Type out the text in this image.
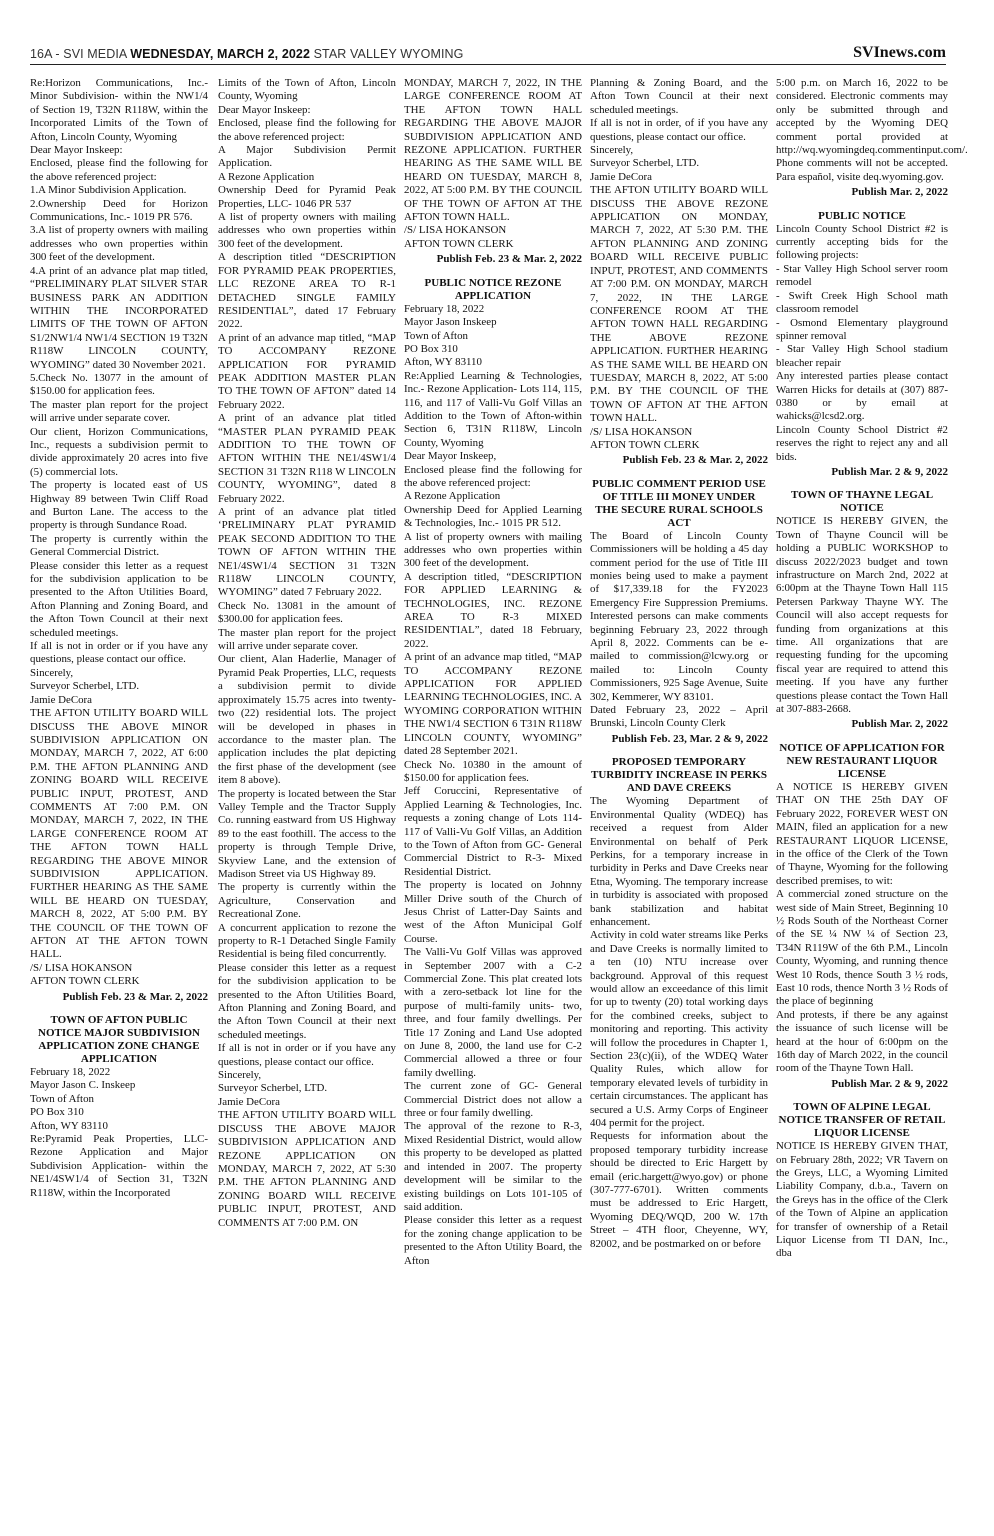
16A - SVI MEDIA WEDNESDAY, MARCH 2, 2022 STAR VALLEY WYOMING	SVInews.com

Re:Horizon Communications, Inc.- Minor Subdivision- within the NW1/4 of Section 19, T32N R118W, within the Incorporated Limits of the Town of Afton, Lincoln County, Wyoming

Dear Mayor Inskeep:

Enclosed, please find the following for the above referenced project:

1.A Minor Subdivision Application.

2.Ownership Deed for Horizon Communications, Inc.- 1019 PR 576.

3.A list of property owners with mailing addresses who own properties within 300 feet of the development.

4.A print of an advance plat map titled, “PRELIMINARY PLAT SILVER STAR BUSINESS PARK AN ADDITION WITHIN THE INCORPORATED LIMITS OF THE TOWN OF AFTON S1/2NW1/4 NW1/4 SECTION 19 T32N R118W LINCOLN COUNTY, WYOMING” dated 30 November 2021.

5.Check No. 13077 in the amount of $150.00 for application fees.

The master plan report for the project will arrive under separate cover.

Our client, Horizon Communications, Inc., requests a subdivision permit to divide approximately 20 acres into five (5) commercial lots.

The property is located east of US Highway 89 between Twin Cliff Road and Burton Lane. The access to the property is through Sundance Road.

The property is currently within the General Commercial District.

Please consider this letter as a request for the subdivision application to be presented to the Afton Utilities Board, Afton Planning and Zoning Board, and the Afton Town Council at their next scheduled meetings.

If all is not in order or if you have any questions, please contact our office.

Sincerely,

Surveyor Scherbel, LTD.

Jamie DeCora

THE AFTON UTILITY BOARD WILL DISCUSS THE ABOVE MINOR SUBDIVISION APPLICATION ON MONDAY, MARCH 7, 2022, AT 6:00 P.M. THE AFTON PLANNING AND ZONING BOARD WILL RECEIVE PUBLIC INPUT, PROTEST, AND COMMENTS AT 7:00 P.M. ON MONDAY, MARCH 7, 2022, IN THE LARGE CONFERENCE ROOM AT THE AFTON TOWN HALL REGARDING THE ABOVE MINOR SUBDIVISION APPLICATION. FURTHER HEARING AS THE SAME WILL BE HEARD ON TUESDAY, MARCH 8, 2022, AT 5:00 P.M. BY THE COUNCIL OF THE TOWN OF AFTON AT THE AFTON TOWN HALL.

/S/ LISA HOKANSON

AFTON TOWN CLERK

Publish Feb. 23 & Mar. 2, 2022

TOWN OF AFTON PUBLIC NOTICE MAJOR SUBDIVISION APPLICATION ZONE CHANGE APPLICATION

February 18, 2022

Mayor Jason C. Inskeep

Town of Afton

PO Box 310

Afton, WY 83110

Re:Pyramid Peak Properties, LLC- Rezone Application and Major Subdivision Application- within the NE1/4SW1/4 of Section 31, T32N R118W, within the Incorporated

Limits of the Town of Afton, Lincoln County, Wyoming

Dear Mayor Inskeep:

Enclosed, please find the following for the above referenced project:

A Major Subdivision Permit Application.

A Rezone Application

Ownership Deed for Pyramid Peak Properties, LLC- 1046 PR 537

A list of property owners with mailing addresses who own properties within 300 feet of the development.

A description titled “DESCRIPTION FOR PYRAMID PEAK PROPERTIES, LLC REZONE AREA TO R-1 DETACHED SINGLE FAMILY RESIDENTIAL”, dated 17 February 2022.

A print of an advance map titled, “MAP TO ACCOMPANY REZONE APPLICATION FOR PYRAMID PEAK ADDITION MASTER PLAN TO THE TOWN OF AFTON” dated 14 February 2022.

A print of an advance plat titled “MASTER PLAN PYRAMID PEAK ADDITION TO THE TOWN OF AFTON WITHIN THE NE1/4SW1/4 SECTION 31 T32N R118 W LINCOLN COUNTY, WYOMING”, dated 8 February 2022.

A print of an advance plat titled ‘PRELIMINARY PLAT PYRAMID PEAK SECOND ADDITION TO THE TOWN OF AFTON WITHIN THE NE1/4SW1/4 SECTION 31 T32N R118W LINCOLN COUNTY, WYOMING” dated 7 February 2022.

Check No. 13081 in the amount of $300.00 for application fees.

The master plan report for the project will arrive under separate cover.

Our client, Alan Haderlie, Manager of Pyramid Peak Properties, LLC, requests a subdivision permit to divide approximately 15.75 acres into twenty-two (22) residential lots. The project will be developed in phases in accordance to the master plan. The application includes the plat depicting the first phase of the development (see item 8 above).

The property is located between the Star Valley Temple and the Tractor Supply Co. running eastward from US Highway 89 to the east foothill. The access to the property is through Temple Drive, Skyview Lane, and the extension of Madison Street via US Highway 89.

The property is currently within the Agriculture, Conservation and Recreational Zone.

A concurrent application to rezone the property to R-1 Detached Single Family Residential is being filed concurrently.

Please consider this letter as a request for the subdivision application to be presented to the Afton Utilities Board, Afton Planning and Zoning Board, and the Afton Town Council at their next scheduled meetings.

If all is not in order or if you have any questions, please contact our office.

Sincerely,

Surveyor Scherbel, LTD.

Jamie DeCora

THE AFTON UTILITY BOARD WILL DISCUSS THE ABOVE MAJOR SUBDIVISION APPLICATION AND REZONE APPLICATION ON MONDAY, MARCH 7, 2022, AT 5:30 P.M. THE AFTON PLANNING AND ZONING BOARD WILL RECEIVE PUBLIC INPUT, PROTEST, AND COMMENTS AT 7:00 P.M. ON

MONDAY, MARCH 7, 2022, IN THE LARGE CONFERENCE ROOM AT THE AFTON TOWN HALL REGARDING THE ABOVE MAJOR SUBDIVISION APPLICATION AND REZONE APPLICATION. FURTHER HEARING AS THE SAME WILL BE HEARD ON TUESDAY, MARCH 8, 2022, AT 5:00 P.M. BY THE COUNCIL OF THE TOWN OF AFTON AT THE AFTON TOWN HALL.

/S/ LISA HOKANSON

AFTON TOWN CLERK

Publish Feb. 23 & Mar. 2, 2022

PUBLIC NOTICE REZONE APPLICATION

February 18, 2022

Mayor Jason Inskeep

Town of Afton

PO Box 310

Afton, WY 83110

Re:Applied Learning & Technologies, Inc.- Rezone Application- Lots 114, 115, 116, and 117 of Valli-Vu Golf Villas an Addition to the Town of Afton-within Section 6, T31N R118W, Lincoln County, Wyoming

Dear Mayor Inskeep,

Enclosed please find the following for the above referenced project:

A Rezone Application

Ownership Deed for Applied Learning & Technologies, Inc.- 1015 PR 512.

A list of property owners with mailing addresses who own properties within 300 feet of the development.

A description titled, “DESCRIPTION FOR APPLIED LEARNING & TECHNOLOGIES, INC. REZONE AREA TO R-3 MIXED RESIDENTIAL”, dated 18 February, 2022.

A print of an advance map titled, “MAP TO ACCOMPANY REZONE APPLICATION FOR APPLIED LEARNING TECHNOLOGIES, INC. A WYOMING CORPORATION WITHIN THE NW1/4 SECTION 6 T31N R118W LINCOLN COUNTY, WYOMING” dated 28 September 2021.

Check No. 10380 in the amount of $150.00 for application fees.

Jeff Coruccini, Representative of Applied Learning & Technologies, Inc. requests a zoning change of Lots 114-117 of Valli-Vu Golf Villas, an Addition to the Town of Afton from GC- General Commercial District to R-3- Mixed Residential District.

The property is located on Johnny Miller Drive south of the Church of Jesus Christ of Latter-Day Saints and west of the Afton Municipal Golf Course.

The Valli-Vu Golf Villas was approved in September 2007 with a C-2 Commercial Zone. This plat created lots with a zero-setback lot line for the purpose of multi-family units- two, three, and four family dwellings. Per Title 17 Zoning and Land Use adopted on June 8, 2000, the land use for C-2 Commercial allowed a three or four family dwelling.

The current zone of GC- General Commercial District does not allow a three or four family dwelling.

The approval of the rezone to R-3, Mixed Residential District, would allow this property to be developed as platted and intended in 2007. The property development will be similar to the existing buildings on Lots 101-105 of said addition.

Please consider this letter as a request for the zoning change application to be presented to the Afton Utility Board, the Afton

Planning & Zoning Board, and the Afton Town Council at their next scheduled meetings.

If all is not in order, of if you have any questions, please contact our office.

Sincerely,

Surveyor Scherbel, LTD.

Jamie DeCora

THE AFTON UTILITY BOARD WILL DISCUSS THE ABOVE REZONE APPLICATION ON MONDAY, MARCH 7, 2022, AT 5:30 P.M. THE AFTON PLANNING AND ZONING BOARD WILL RECEIVE PUBLIC INPUT, PROTEST, AND COMMENTS AT 7:00 P.M. ON MONDAY, MARCH 7, 2022, IN THE LARGE CONFERENCE ROOM AT THE AFTON TOWN HALL REGARDING THE ABOVE REZONE APPLICATION. FURTHER HEARING AS THE SAME WILL BE HEARD ON TUESDAY, MARCH 8, 2022, AT 5:00 P.M. BY THE COUNCIL OF THE TOWN OF AFTON AT THE AFTON TOWN HALL.

/S/ LISA HOKANSON

AFTON TOWN CLERK

Publish Feb. 23 & Mar. 2, 2022

PUBLIC COMMENT PERIOD USE OF TITLE III MONEY UNDER THE SECURE RURAL SCHOOLS ACT

The Board of Lincoln County Commissioners will be holding a 45 day comment period for the use of Title III monies being used to make a payment of $17,339.18 for the FY2023 Emergency Fire Suppression Premiums. Interested persons can make comments beginning February 23, 2022 through April 8, 2022. Comments can be e-mailed to commission@lcwy.org or mailed to: Lincoln County Commissioners, 925 Sage Avenue, Suite 302, Kemmerer, WY 83101.

Dated February 23, 2022 – April Brunski, Lincoln County Clerk

Publish Feb. 23, Mar. 2 & 9, 2022

PROPOSED TEMPORARY TURBIDITY INCREASE IN PERKS AND DAVE CREEKS

The Wyoming Department of Environmental Quality (WDEQ) has received a request from Alder Environmental on behalf of Perk Perkins, for a temporary increase in turbidity in Perks and Dave Creeks near Etna, Wyoming. The temporary increase in turbidity is associated with proposed bank stabilization and habitat enhancement.

Activity in cold water streams like Perks and Dave Creeks is normally limited to a ten (10) NTU increase over background. Approval of this request would allow an exceedance of this limit for up to twenty (20) total working days for the combined creeks, subject to monitoring and reporting. This activity will follow the procedures in Chapter 1, Section 23(c)(ii), of the WDEQ Water Quality Rules, which allow for temporary elevated levels of turbidity in certain circumstances. The applicant has secured a U.S. Army Corps of Engineer 404 permit for the project.

Requests for information about the proposed temporary turbidity increase should be directed to Eric Hargett by email (eric.hargett@wyo.gov) or phone (307-777-6701). Written comments must be addressed to Eric Hargett, Wyoming DEQ/WQD, 200 W. 17th Street – 4TH floor, Cheyenne, WY, 82002, and be postmarked on or before

5:00 p.m. on March 16, 2022 to be considered. Electronic comments may only be submitted through and accepted by the Wyoming DEQ comment portal provided at http://wq.wyomingdeq.commentinput.com/. Phone comments will not be accepted. Para español, visite deq.wyoming.gov.

Publish Mar. 2, 2022

PUBLIC NOTICE

Lincoln County School District #2 is currently accepting bids for the following projects:

- Star Valley High School server room remodel

- Swift Creek High School math classroom remodel

- Osmond Elementary playground spinner removal

- Star Valley High School stadium bleacher repair

Any interested parties please contact Warren Hicks for details at (307) 887-0380 or by email at wahicks@lcsd2.org.

Lincoln County School District #2 reserves the right to reject any and all bids.

Publish Mar. 2 & 9, 2022

TOWN OF THAYNE LEGAL NOTICE

NOTICE IS HEREBY GIVEN, the Town of Thayne Council will be holding a PUBLIC WORKSHOP to discuss 2022/2023 budget and town infrastructure on March 2nd, 2022 at 6:00pm at the Thayne Town Hall 115 Petersen Parkway Thayne WY. The Council will also accept requests for funding from organizations at this time. All organizations that are requesting funding for the upcoming fiscal year are required to attend this meeting. If you have any further questions please contact the Town Hall at 307-883-2668.

Publish Mar. 2, 2022

NOTICE OF APPLICATION FOR NEW RESTAURANT LIQUOR LICENSE

A NOTICE IS HEREBY GIVEN THAT ON THE 25th DAY OF February 2022, FOREVER WEST ON MAIN, filed an application for a new RESTAURANT LIQUOR LICENSE, in the office of the Clerk of the Town of Thayne, Wyoming for the following described premises, to wit:

A commercial zoned structure on the west side of Main Street, Beginning 10 ½ Rods South of the Northeast Corner of the SE ¼ NW ¼ of Section 23, T34N R119W of the 6th P.M., Lincoln County, Wyoming, and running thence West 10 Rods, thence South 3 ½ rods, East 10 rods, thence North 3 ½ Rods of the place of beginning

And protests, if there be any against the issuance of such license will be heard at the hour of 6:00pm on the 16th day of March 2022, in the council room of the Thayne Town Hall.

Publish Mar. 2 & 9, 2022

TOWN OF ALPINE LEGAL NOTICE TRANSFER OF RETAIL LIQUOR LICENSE

NOTICE IS HEREBY GIVEN THAT, on February 28th, 2022; VR Tavern on the Greys, LLC, a Wyoming Limited Liability Company, d.b.a., Tavern on the Greys has in the office of the Clerk of the Town of Alpine an application for transfer of ownership of a Retail Liquor License from TI DAN, Inc., dba
